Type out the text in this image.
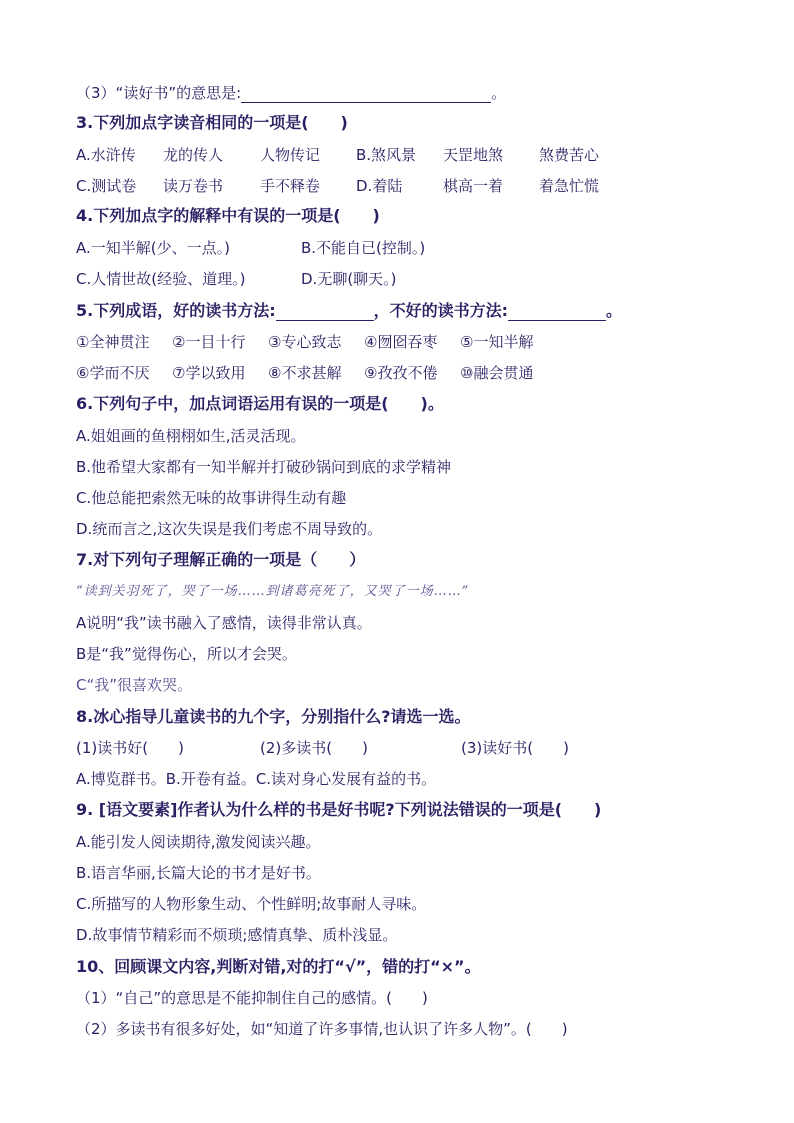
（3）“读好书”的意思是:	。
3.下列加点字读音相同的一项是(　　)
A.水浒传 龙的传人 人物传记 B.煞风景 天罡地煞 煞费苦心
C.测试卷 读万卷书 手不释卷 D.着陆	棋高一着 着急忙慌
4.下列加点字的解释中有误的一项是(　　)
A.一知半解(少、一点。)	B.不能自已(控制。)
C.人情世故(经验、道理。)	D.无聊(聊天。)
5.下列成语，好的读书方法:	，不好的读书方法:	。
①全神贯注 ②一目十行 ③专心致志 ④囫囵吞枣 ⑤一知半解
⑥学而不厌 ⑦学以致用 ⑧不求甚解 ⑨孜孜不倦 ⑩融会贯通
6.下列句子中，加点词语运用有误的一项是(　　)。
A.姐姐画的鱼栩栩如生,活灵活现。
B.他希望大家都有一知半解并打破砂锅问到底的求学精神
C.他总能把索然无味的故事讲得生动有趣
D.统而言之,这次失误是我们考虑不周导致的。
7.对下列句子理解正确的一项是（　　）
“读到关羽死了，哭了一场……到诸葛亮死了，又哭了一场……”
A说明“我”读书融入了感情，读得非常认真。
B是“我”觉得伤心，所以才会哭。
C“我”很喜欢哭。
8.冰心指导儿童读书的九个字，分别指什么?请选一选。
(1)读书好(　　)	(2)多读书(　　)	(3)读好书(　　)
A.博览群书。B.开卷有益。C.读对身心发展有益的书。
9. [语文要素]作者认为什么样的书是好书呢?下列说法错误的一项是(　　)
A.能引发人阅读期待,激发阅读兴趣。
B.语言华丽,长篇大论的书才是好书。
C.所描写的人物形象生动、个性鲜明;故事耐人寻味。
D.故事情节精彩而不烦琐;感情真挚、质朴浅显。
10、回顾课文内容,判断对错,对的打“√”，错的打“×”。
（1）“自己”的意思是不能抑制住自己的感情。(　　)
（2）多读书有很多好处，如“知道了许多事情,也认识了许多人物”。(　　)
